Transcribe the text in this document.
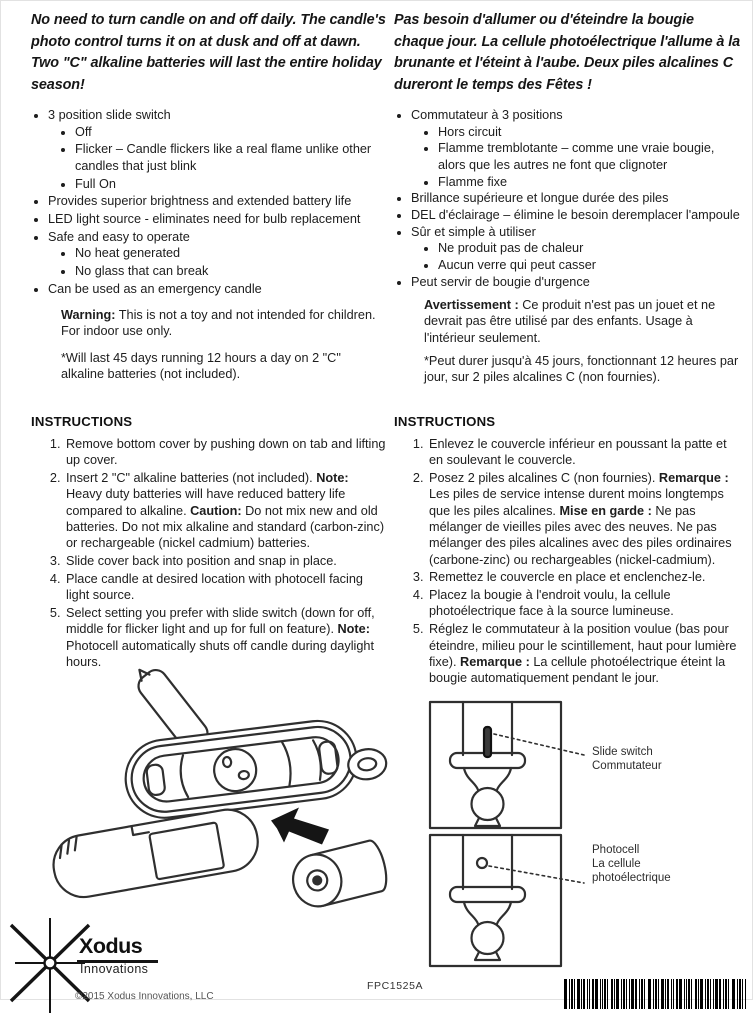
No need to turn candle on and off daily. The candle's photo control turns it on at dusk and off at dawn. Two "C" alkaline batteries will last the entire holiday season!

• 3 position slide switch
• Off
• Flicker – Candle flickers like a real flame unlike other candles that just blink
• Full On
• Provides superior brightness and extended battery life
• LED light source - eliminates need for bulb replacement
• Safe and easy to operate
• No heat generated
• No glass that can break
• Can be used as an emergency candle

Warning: This is not a toy and not intended for children. For indoor use only.

*Will last 45 days running 12 hours a day on 2 "C" alkaline batteries (not included).

INSTRUCTIONS
1. Remove bottom cover by pushing down on tab and lifting up cover.
2. Insert 2 "C" alkaline batteries (not included). Note: Heavy duty batteries will have reduced battery life compared to alkaline. Caution: Do not mix new and old batteries. Do not mix alkaline and standard (carbon-zinc) or rechargeable (nickel cadmium) batteries.
3. Slide cover back into position and snap in place.
4. Place candle at desired location with photocell facing light source.
5. Select setting you prefer with slide switch (down for off, middle for flicker light and up for full on feature). Note: Photocell automatically shuts off candle during daylight hours.

Pas besoin d'allumer ou d'éteindre la bougie chaque jour. La cellule photoélectrique l'allume à la brunante et l'éteint à l'aube. Deux piles alcalines C dureront le temps des Fêtes !

• Commutateur à 3 positions
• Hors circuit
• Flamme tremblotante – comme une vraie bougie, alors que les autres ne font que clignoter
• Flamme fixe
• Brillance supérieure et longue durée des piles
• DEL d'éclairage – élimine le besoin deremplacer l'ampoule
• Sûr et simple à utiliser
• Ne produit pas de chaleur
• Aucun verre qui peut casser
• Peut servir de bougie d'urgence

Avertissement : Ce produit n'est pas un jouet et ne devrait pas être utilisé par des enfants. Usage à l'intérieur seulement.

*Peut durer jusqu'à 45 jours, fonctionnant 12 heures par jour, sur 2 piles alcalines C (non fournies).

INSTRUCTIONS
1. Enlevez le couvercle inférieur en poussant la patte et en soulevant le couvercle.
2. Posez 2 piles alcalines C (non fournies). Remarque : Les piles de service intense durent moins longtemps que les piles alcalines. Mise en garde : Ne pas mélanger de vieilles piles avec des neuves. Ne pas mélanger des piles alcalines avec des piles ordinaires (carbone-zinc) ou rechargeables (nickel-cadmium).
3. Remettez le couvercle en place et enclenchez-le.
4. Placez la bougie à l'endroit voulu, la cellule photoélectrique face à la source lumineuse.
5. Réglez le commutateur à la position voulue (bas pour éteindre, milieu pour le scintillement, haut pour lumière fixe). Remarque : La cellule photoélectrique éteint la bougie automatiquement pendant le jour.
Slide switch
Commutateur
Photocell
La cellule
photoélectrique
Xodus
Innovations
©2015 Xodus Innovations, LLC
FPC1525A
